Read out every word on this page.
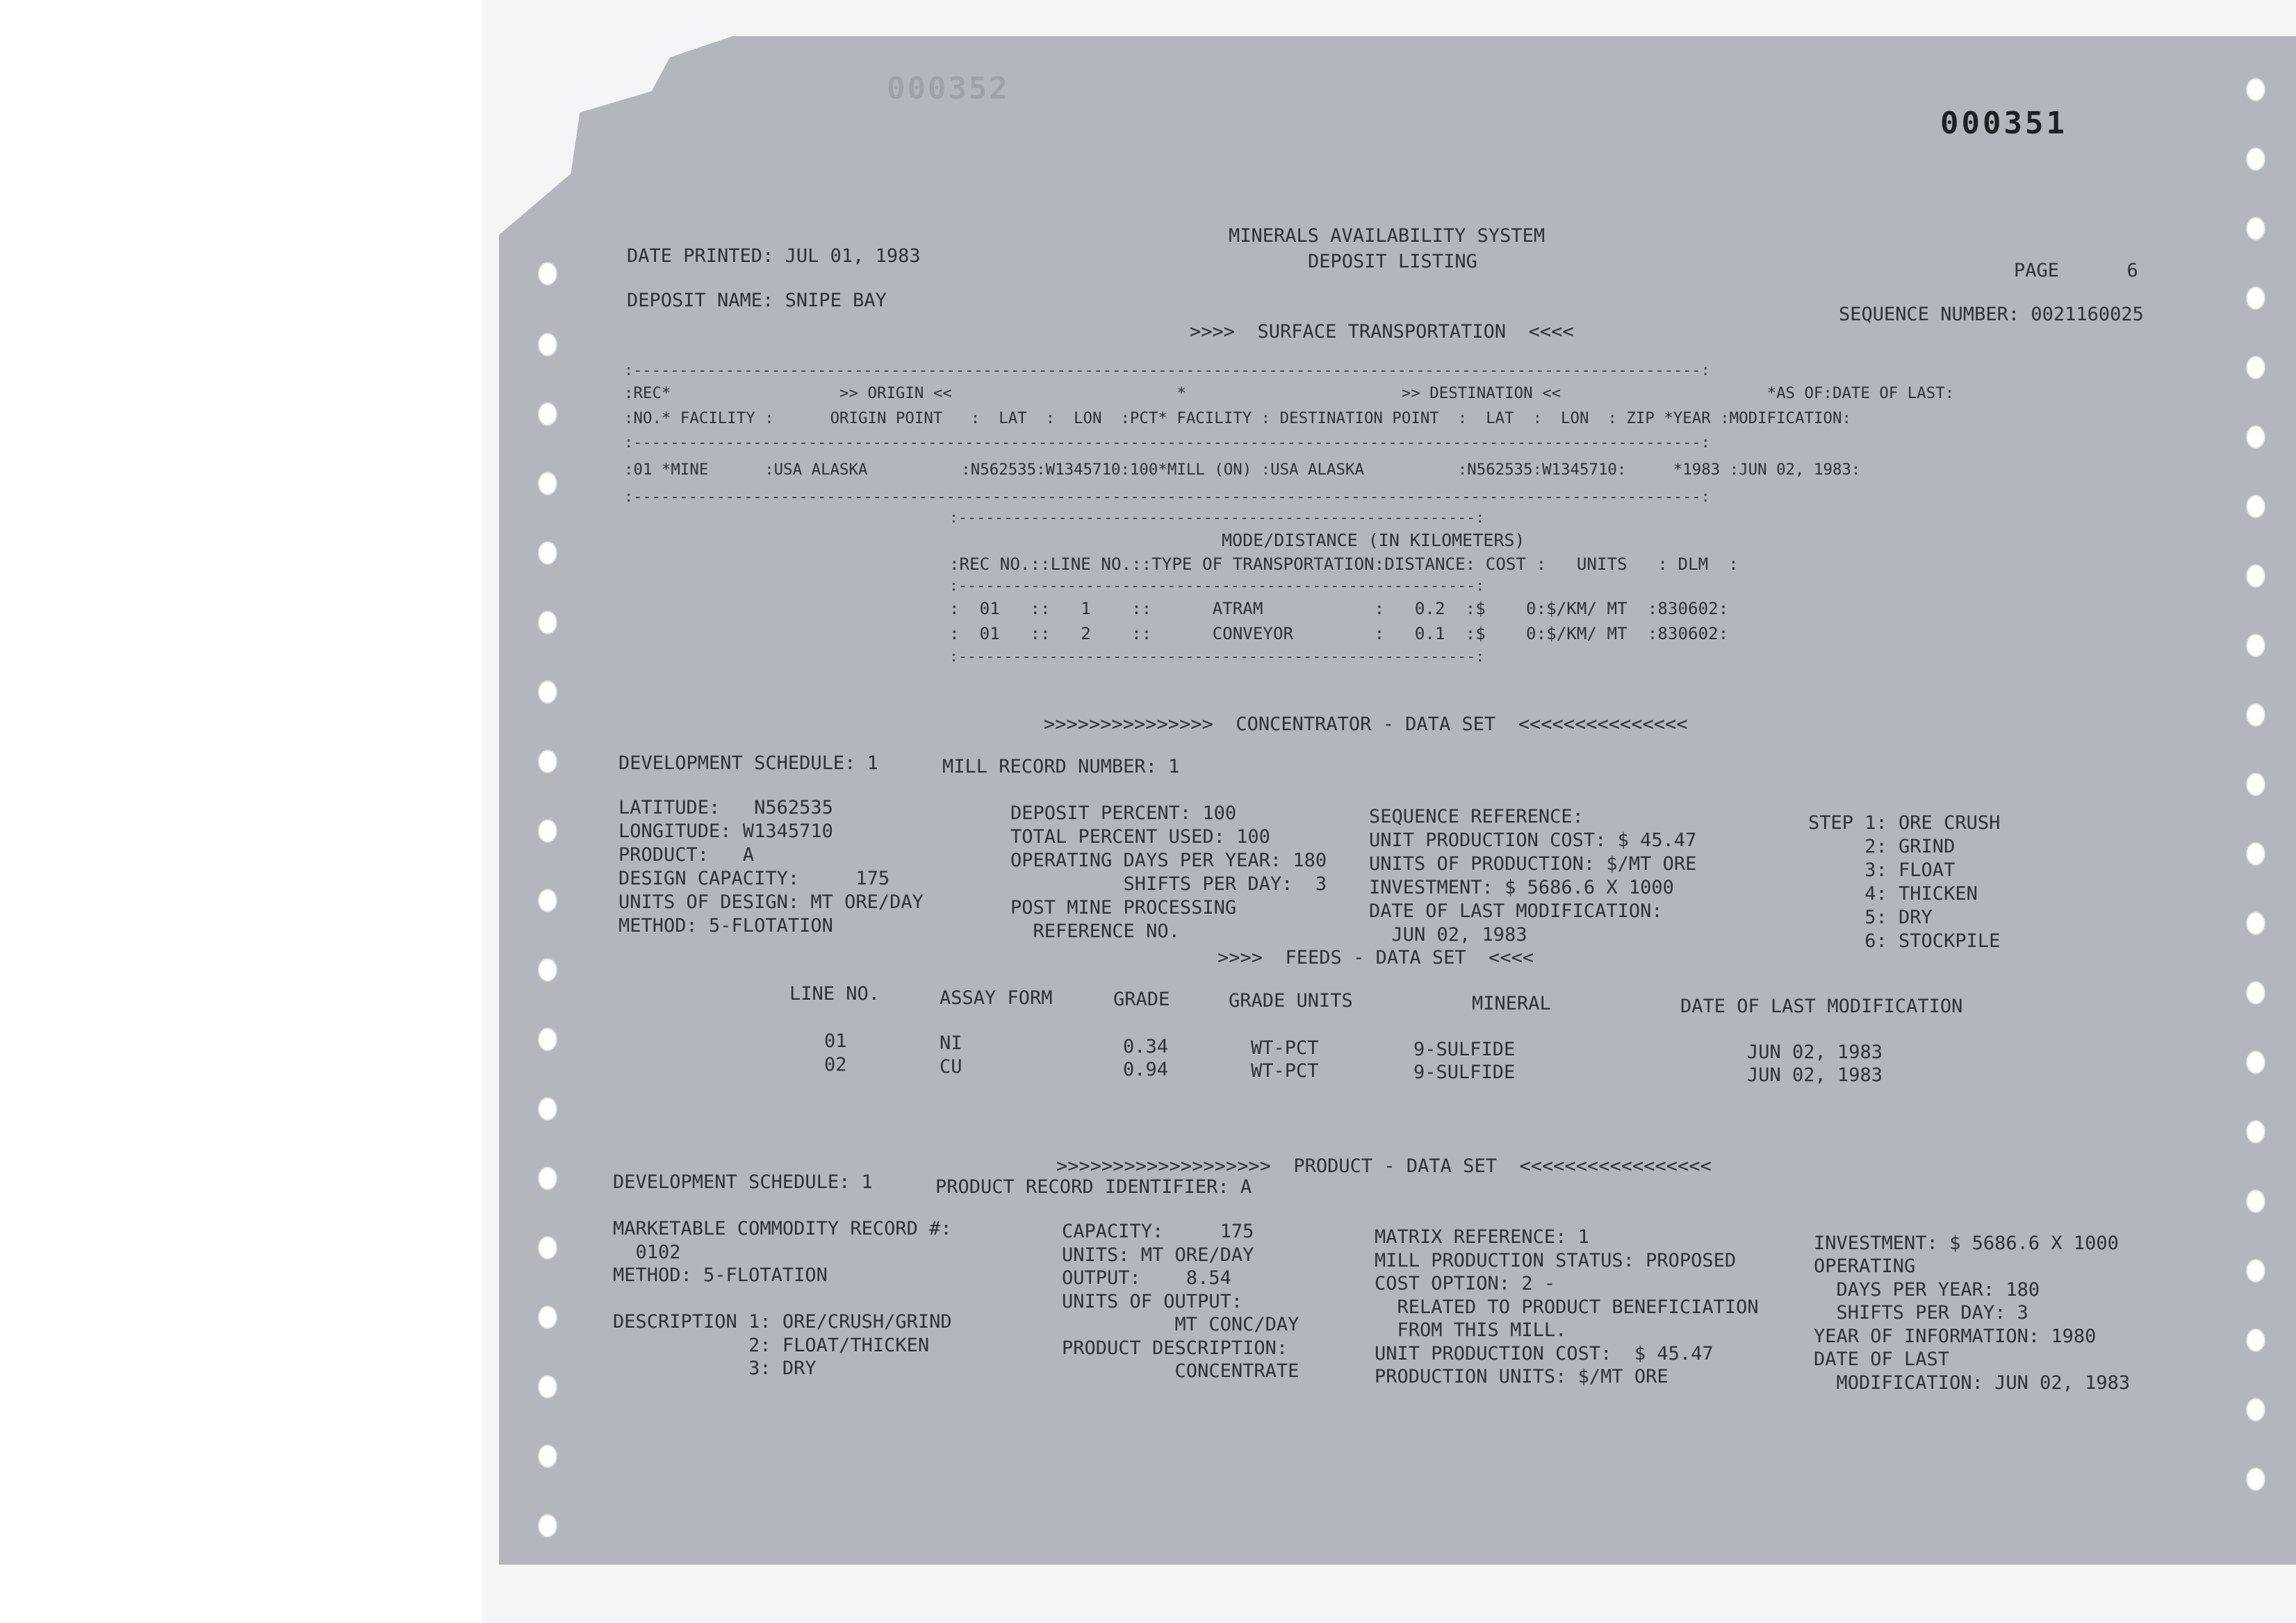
000352
000351
DATE PRINTED: JUL 01, 1983
MINERALS AVAILABILITY SYSTEM
DEPOSIT LISTING	PAGE      6
DEPOSIT NAME: SNIPE BAY
SEQUENCE NUMBER: 0021160025
>>>>  SURFACE TRANSPORTATION  <<<<
:--------------------------------------------------------------------------------------------------------------------:
:REC*                  >> ORIGIN <<                        *                       >> DESTINATION <<                      *AS OF:DATE OF LAST:
:NO.* FACILITY :      ORIGIN POINT   :  LAT  :  LON  :PCT* FACILITY : DESTINATION POINT  :  LAT  :  LON  : ZIP *YEAR :MODIFICATION:
:--------------------------------------------------------------------------------------------------------------------:
:01 *MINE      :USA ALASKA          :N562535:W1345710:100*MILL (ON) :USA ALASKA          :N562535:W1345710:     *1983 :JUN 02, 1983:
:--------------------------------------------------------------------------------------------------------------------:
:---------------------------------------------------------:
MODE/DISTANCE (IN KILOMETERS)
:REC NO.::LINE NO.::TYPE OF TRANSPORTATION:DISTANCE: COST :   UNITS   : DLM  :
:---------------------------------------------------------:
:  01   ::   1    ::      ATRAM           :   0.2  :$    0:$/KM/ MT  :830602:
:  01   ::   2    ::      CONVEYOR        :   0.1  :$    0:$/KM/ MT  :830602:
:---------------------------------------------------------:
>>>>>>>>>>>>>>>  CONCENTRATOR - DATA SET  <<<<<<<<<<<<<<<
DEVELOPMENT SCHEDULE: 1	MILL RECORD NUMBER: 1
LATITUDE:   N562535
LONGITUDE: W1345710
PRODUCT:   A
DESIGN CAPACITY:     175
UNITS OF DESIGN: MT ORE/DAY
METHOD: 5-FLOTATION
DEPOSIT PERCENT: 100
TOTAL PERCENT USED: 100
OPERATING DAYS PER YEAR: 180
SHIFTS PER DAY:  3
POST MINE PROCESSING
REFERENCE NO.
SEQUENCE REFERENCE:
UNIT PRODUCTION COST: $ 45.47
UNITS OF PRODUCTION: $/MT ORE
INVESTMENT: $ 5686.6 X 1000
DATE OF LAST MODIFICATION:
JUN 02, 1983
STEP 1: ORE CRUSH
2: GRIND
3: FLOAT
4: THICKEN
5: DRY
6: STOCKPILE
>>>>  FEEDS - DATA SET  <<<<
LINE NO.	ASSAY FORM	GRADE	GRADE UNITS	MINERAL	DATE OF LAST MODIFICATION
01	NI	0.34	WT-PCT	9-SULFIDE	JUN 02, 1983
02	CU	0.94	WT-PCT	9-SULFIDE	JUN 02, 1983
>>>>>>>>>>>>>>>>>>>  PRODUCT - DATA SET  <<<<<<<<<<<<<<<<<
DEVELOPMENT SCHEDULE: 1	PRODUCT RECORD IDENTIFIER: A
MARKETABLE COMMODITY RECORD #:
0102
METHOD: 5-FLOTATION
DESCRIPTION 1: ORE/CRUSH/GRIND
2: FLOAT/THICKEN
3: DRY
CAPACITY:     175
UNITS: MT ORE/DAY
OUTPUT:    8.54
UNITS OF OUTPUT:
MT CONC/DAY
PRODUCT DESCRIPTION:
CONCENTRATE
MATRIX REFERENCE: 1
MILL PRODUCTION STATUS: PROPOSED
COST OPTION: 2 -
RELATED TO PRODUCT BENEFICIATION
FROM THIS MILL.
UNIT PRODUCTION COST:  $ 45.47
PRODUCTION UNITS: $/MT ORE
INVESTMENT: $ 5686.6 X 1000
OPERATING
DAYS PER YEAR: 180
SHIFTS PER DAY: 3
YEAR OF INFORMATION: 1980
DATE OF LAST
MODIFICATION: JUN 02, 1983
